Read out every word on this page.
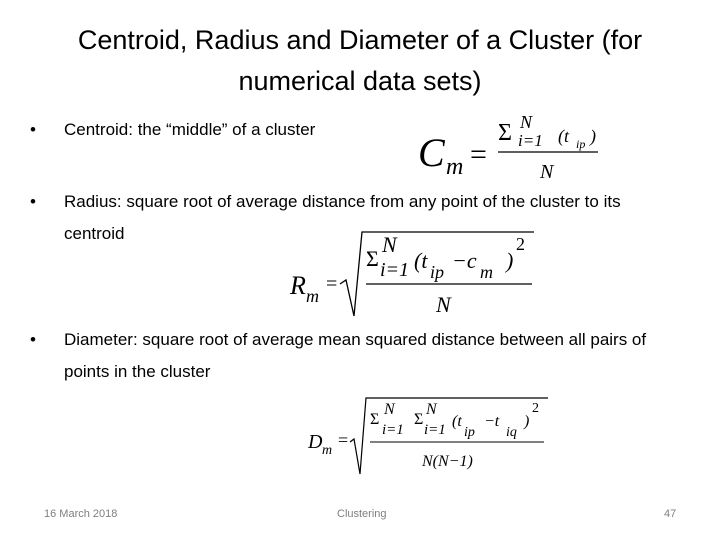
Centroid, Radius and Diameter of a Cluster (for numerical data sets)
•	Centroid: the “middle” of a cluster
C m =
Σ N
i=1 (t ip )
N
•	Radius: square root of average distance from any point of the cluster to its centroid
R m
=
Σ
N
i=1 (t ip −c m )
2
N
•	Diameter: square root of average mean squared distance between all pairs of points in the cluster
D m
=
Σ
N
i=1
Σ
N
i=1 (t
ip
−t
iq
)
2
N(N−1)
16 March 2018	Clustering	47
